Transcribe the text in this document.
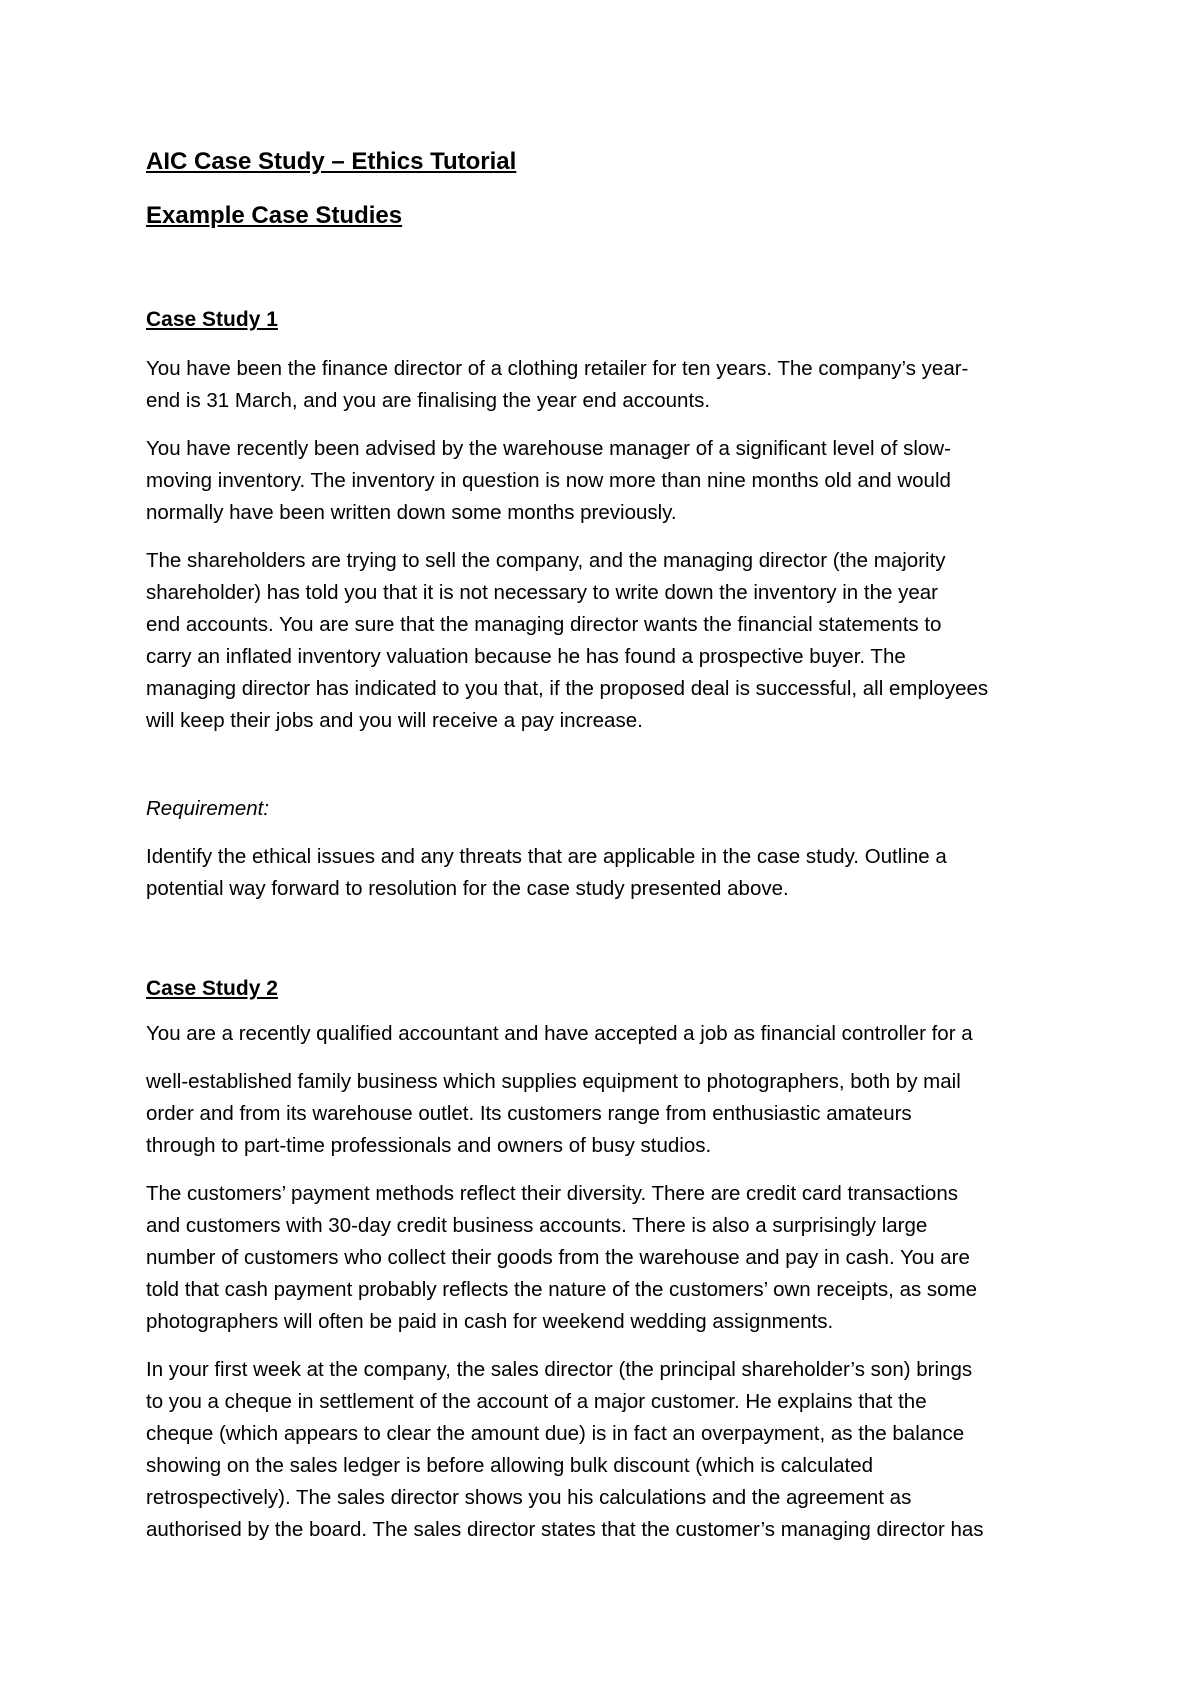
AIC Case Study – Ethics Tutorial
Example Case Studies
Case Study 1

You have been the finance director of a clothing retailer for ten years. The company’s year-
end is 31 March, and you are finalising the year end accounts.

You have recently been advised by the warehouse manager of a significant level of slow-
moving inventory. The inventory in question is now more than nine months old and would
normally have been written down some months previously.

The shareholders are trying to sell the company, and the managing director (the majority
shareholder) has told you that it is not necessary to write down the inventory in the year
end accounts. You are sure that the managing director wants the financial statements to
carry an inflated inventory valuation because he has found a prospective buyer. The
managing director has indicated to you that, if the proposed deal is successful, all employees
will keep their jobs and you will receive a pay increase.

Requirement:

Identify the ethical issues and any threats that are applicable in the case study. Outline a
potential way forward to resolution for the case study presented above.

Case Study 2

You are a recently qualified accountant and have accepted a job as financial controller for a

well-established family business which supplies equipment to photographers, both by mail
order and from its warehouse outlet. Its customers range from enthusiastic amateurs
through to part-time professionals and owners of busy studios.

The customers’ payment methods reflect their diversity. There are credit card transactions
and customers with 30-day credit business accounts. There is also a surprisingly large
number of customers who collect their goods from the warehouse and pay in cash. You are
told that cash payment probably reflects the nature of the customers’ own receipts, as some
photographers will often be paid in cash for weekend wedding assignments.

In your first week at the company, the sales director (the principal shareholder’s son) brings
to you a cheque in settlement of the account of a major customer. He explains that the
cheque (which appears to clear the amount due) is in fact an overpayment, as the balance
showing on the sales ledger is before allowing bulk discount (which is calculated
retrospectively). The sales director shows you his calculations and the agreement as
authorised by the board. The sales director states that the customer’s managing director has
